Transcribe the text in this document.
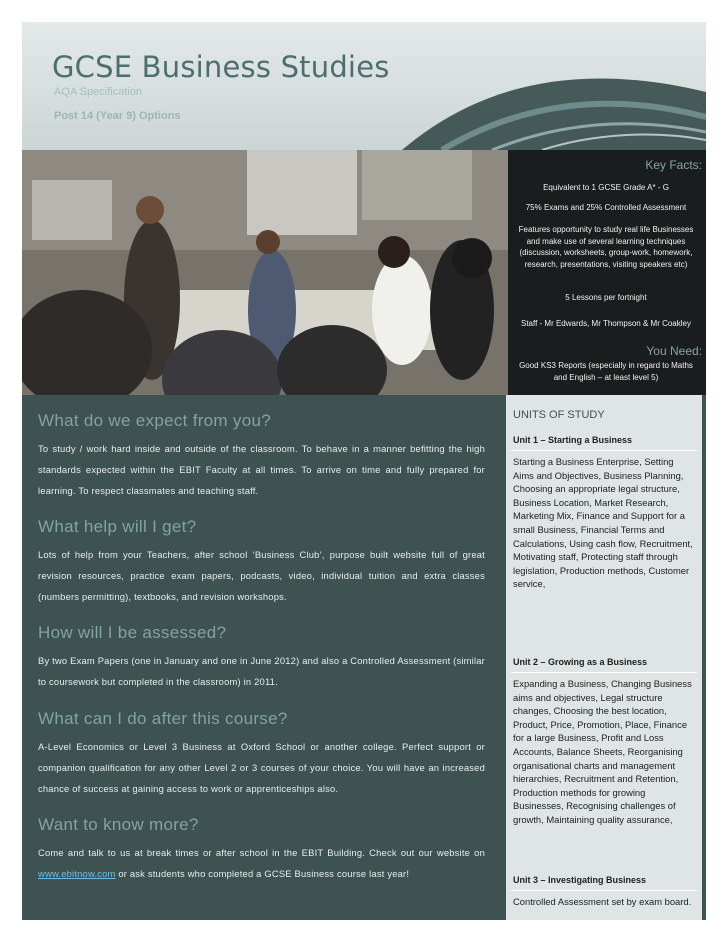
GCSE Business Studies
AQA Specification
Post 14 (Year 9) Options
Key Facts:
Equivalent to 1 GCSE Grade A* - G
75% Exams and 25% Controlled Assessment
Features opportunity to study real life Businesses and make use of several learning techniques (discussion, worksheets, group-work, homework, research, presentations, visiting speakers etc)
5 Lessons per fortnight
Staff - Mr Edwards, Mr Thompson & Mr Coakley
You Need:
Good KS3 Reports (especially in regard to Maths and English – at least level 5)
What do we expect from you?

To study / work hard inside and outside of the classroom. To behave in a manner befitting the high standards expected within the EBIT Faculty at all times. To arrive on time and fully prepared for learning. To respect classmates and teaching staff.

What help will I get?

Lots of help from your Teachers, after school ‘Business Club’, purpose built website full of great revision resources, practice exam papers, podcasts, video, individual tuition and extra classes (numbers permitting), textbooks, and revision workshops.

How will I be assessed?

By two Exam Papers (one in January and one in June 2012) and also a Controlled Assessment (similar to coursework but completed in the classroom) in 2011.

What can I do after this course?

A-Level Economics or Level 3 Business at Oxford School or another college. Perfect support or companion qualification for any other Level 2 or 3 courses of your choice. You will have an increased chance of success at gaining access to work or apprenticeships also.

Want to know more?

Come and talk to us at break times or after school in the EBIT Building. Check out our website on www.ebitnow.com or ask students who completed a GCSE Business course last year!

UNITS OF STUDY
Unit 1 – Starting a Business

Starting a Business Enterprise, Setting Aims and Objectives, Business Planning, Choosing an appropriate legal structure, Business Location, Market Research, Marketing Mix, Finance and Support for a small Business, Financial Terms and Calculations, Using cash flow, Recruitment, Motivating staff, Protecting staff through legislation, Production methods, Customer service,

Unit 2 – Growing as a Business

Expanding a Business, Changing Business aims and objectives, Legal structure changes, Choosing the best location, Product, Price, Promotion, Place, Finance for a large Business, Profit and Loss Accounts, Balance Sheets, Reorganising organisational charts and management hierarchies, Recruitment and Retention, Production methods for growing Businesses, Recognising challenges of growth, Maintaining quality assurance,

Unit 3 – Investigating Business

Controlled Assessment set by exam board.
